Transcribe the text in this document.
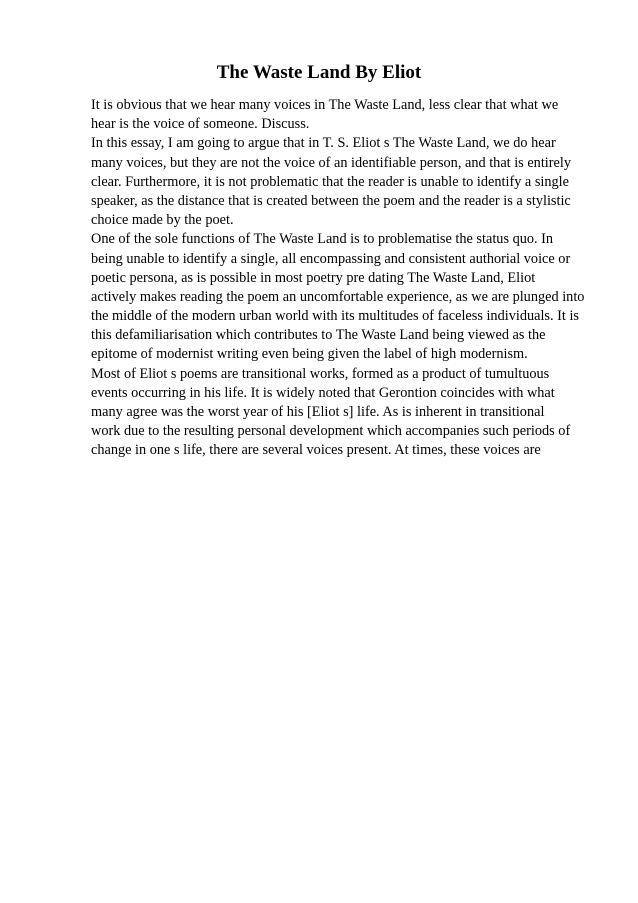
The Waste Land By Eliot
It is obvious that we hear many voices in The Waste Land, less clear that what we
hear is the voice of someone. Discuss.
In this essay, I am going to argue that in T. S. Eliot s The Waste Land, we do hear
many voices, but they are not the voice of an identifiable person, and that is entirely
clear. Furthermore, it is not problematic that the reader is unable to identify a single
speaker, as the distance that is created between the poem and the reader is a stylistic
choice made by the poet.
One of the sole functions of The Waste Land is to problematise the status quo. In
being unable to identify a single, all encompassing and consistent authorial voice or
poetic persona, as is possible in most poetry pre dating The Waste Land, Eliot
actively makes reading the poem an uncomfortable experience, as we are plunged into
the middle of the modern urban world with its multitudes of faceless individuals. It is
this defamiliarisation which contributes to The Waste Land being viewed as the
epitome of modernist writing even being given the label of high modernism.
Most of Eliot s poems are transitional works, formed as a product of tumultuous
events occurring in his life. It is widely noted that Gerontion coincides with what
many agree was the worst year of his [Eliot s] life. As is inherent in transitional
work due to the resulting personal development which accompanies such periods of
change in one s life, there are several voices present. At times, these voices are
